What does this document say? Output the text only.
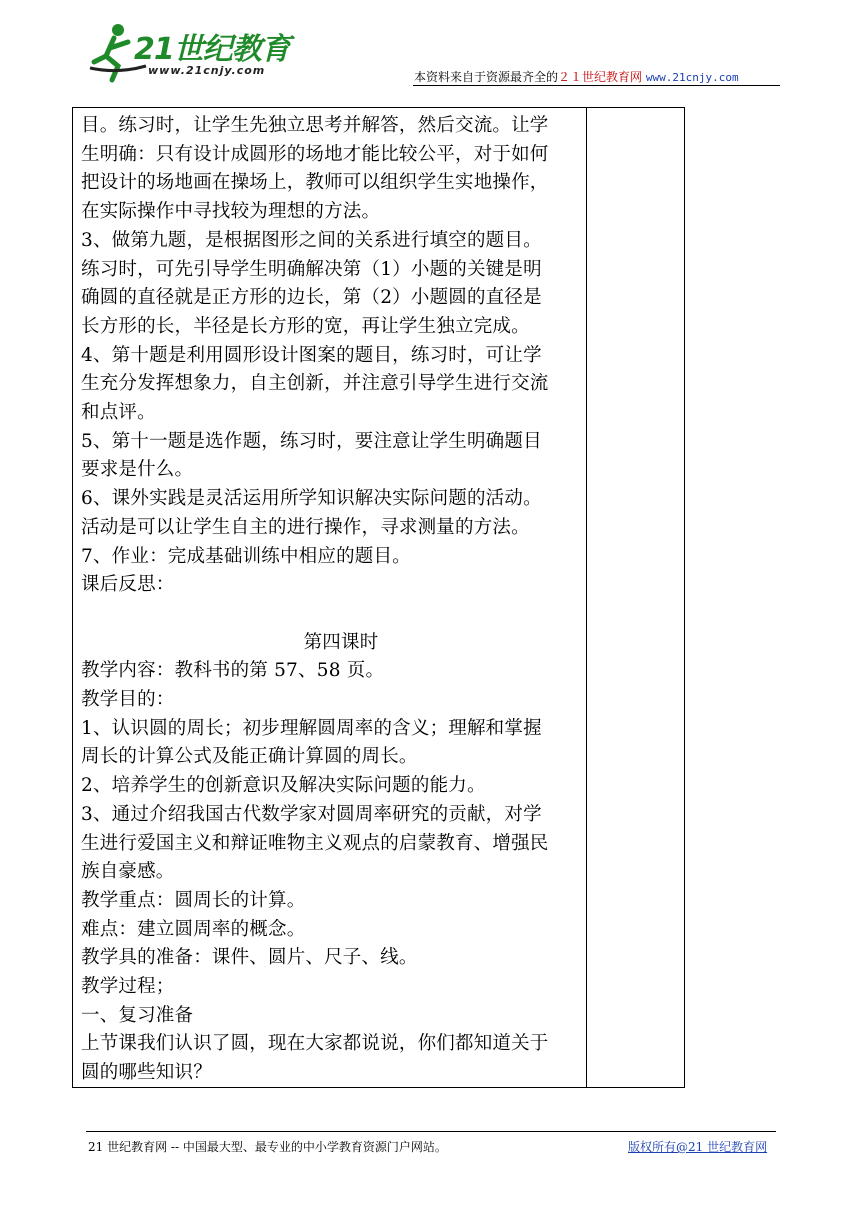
21世纪教育
www.21cnjy.com	本资料来自于资源最齐全的２１世纪教育网 www.21cnjy.com

目。练习时，让学生先独立思考并解答，然后交流。让学

生明确：只有设计成圆形的场地才能比较公平，对于如何

把设计的场地画在操场上，教师可以组织学生实地操作，

在实际操作中寻找较为理想的方法。

3、做第九题，是根据图形之间的关系进行填空的题目。

练习时，可先引导学生明确解决第（1）小题的关键是明

确圆的直径就是正方形的边长，第（2）小题圆的直径是

长方形的长，半径是长方形的宽，再让学生独立完成。

4、第十题是利用圆形设计图案的题目，练习时，可让学

生充分发挥想象力，自主创新，并注意引导学生进行交流

和点评。

5、第十一题是选作题，练习时，要注意让学生明确题目

要求是什么。

6、课外实践是灵活运用所学知识解决实际问题的活动。

活动是可以让学生自主的进行操作，寻求测量的方法。

7、作业：完成基础训练中相应的题目。

课后反思：

第四课时

教学内容：教科书的第 57、58 页。

教学目的：

1、认识圆的周长；初步理解圆周率的含义；理解和掌握

周长的计算公式及能正确计算圆的周长。

2、培养学生的创新意识及解决实际问题的能力。

3、通过介绍我国古代数学家对圆周率研究的贡献，对学

生进行爱国主义和辩证唯物主义观点的启蒙教育、增强民

族自豪感。

教学重点：圆周长的计算。

难点：建立圆周率的概念。

教学具的准备：课件、圆片、尺子、线。

教学过程；

一、复习准备

上节课我们认识了圆，现在大家都说说，你们都知道关于

圆的哪些知识？

21 世纪教育网 -- 中国最大型、最专业的中小学教育资源门户网站。	版权所有@21 世纪教育网
